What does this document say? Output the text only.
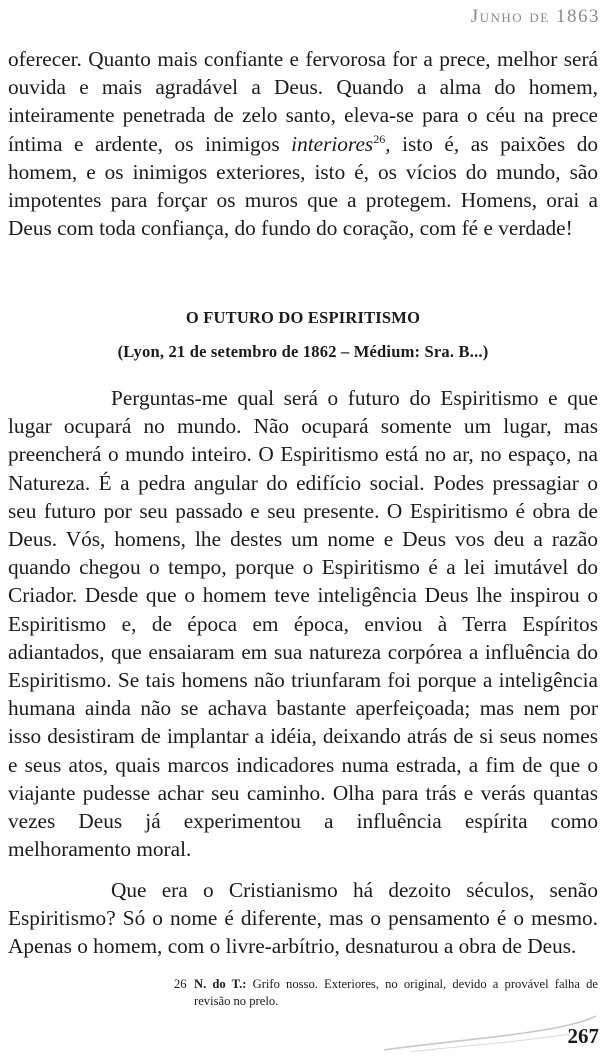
Junho de 1863

oferecer. Quanto mais confiante e fervorosa for a prece, melhor será ouvida e mais agradável a Deus. Quando a alma do homem, inteiramente penetrada de zelo santo, eleva-se para o céu na prece íntima e ardente, os inimigos interiores$^{26}$, isto é, as paixões do homem, e os inimigos exteriores, isto é, os vícios do mundo, são impotentes para forçar os muros que a protegem. Homens, orai a Deus com toda confiança, do fundo do coração, com fé e verdade!

O FUTURO DO ESPIRITISMO
(Lyon, 21 de setembro de 1862 – Médium: Sra. B...)

Perguntas-me qual será o futuro do Espiritismo e que lugar ocupará no mundo. Não ocupará somente um lugar, mas preencherá o mundo inteiro. O Espiritismo está no ar, no espaço, na Natureza. É a pedra angular do edifício social. Podes pressagiar o seu futuro por seu passado e seu presente. O Espiritismo é obra de Deus. Vós, homens, lhe destes um nome e Deus vos deu a razão quando chegou o tempo, porque o Espiritismo é a lei imutável do Criador. Desde que o homem teve inteligência Deus lhe inspirou o Espiritismo e, de época em época, enviou à Terra Espíritos adiantados, que ensaiaram em sua natureza corpórea a influência do Espiritismo. Se tais homens não triunfaram foi porque a inteligência humana ainda não se achava bastante aperfeiçoada; mas nem por isso desistiram de implantar a idéia, deixando atrás de si seus nomes e seus atos, quais marcos indicadores numa estrada, a fim de que o viajante pudesse achar seu caminho. Olha para trás e verás quantas vezes Deus já experimentou a influência espírita como melhoramento moral.

Que era o Cristianismo há dezoito séculos, senão Espiritismo? Só o nome é diferente, mas o pensamento é o mesmo. Apenas o homem, com o livre-arbítrio, desnaturou a obra de Deus.

26 N. do T.: Grifo nosso. Exteriores, no original, devido a provável falha de revisão no prelo.
267
